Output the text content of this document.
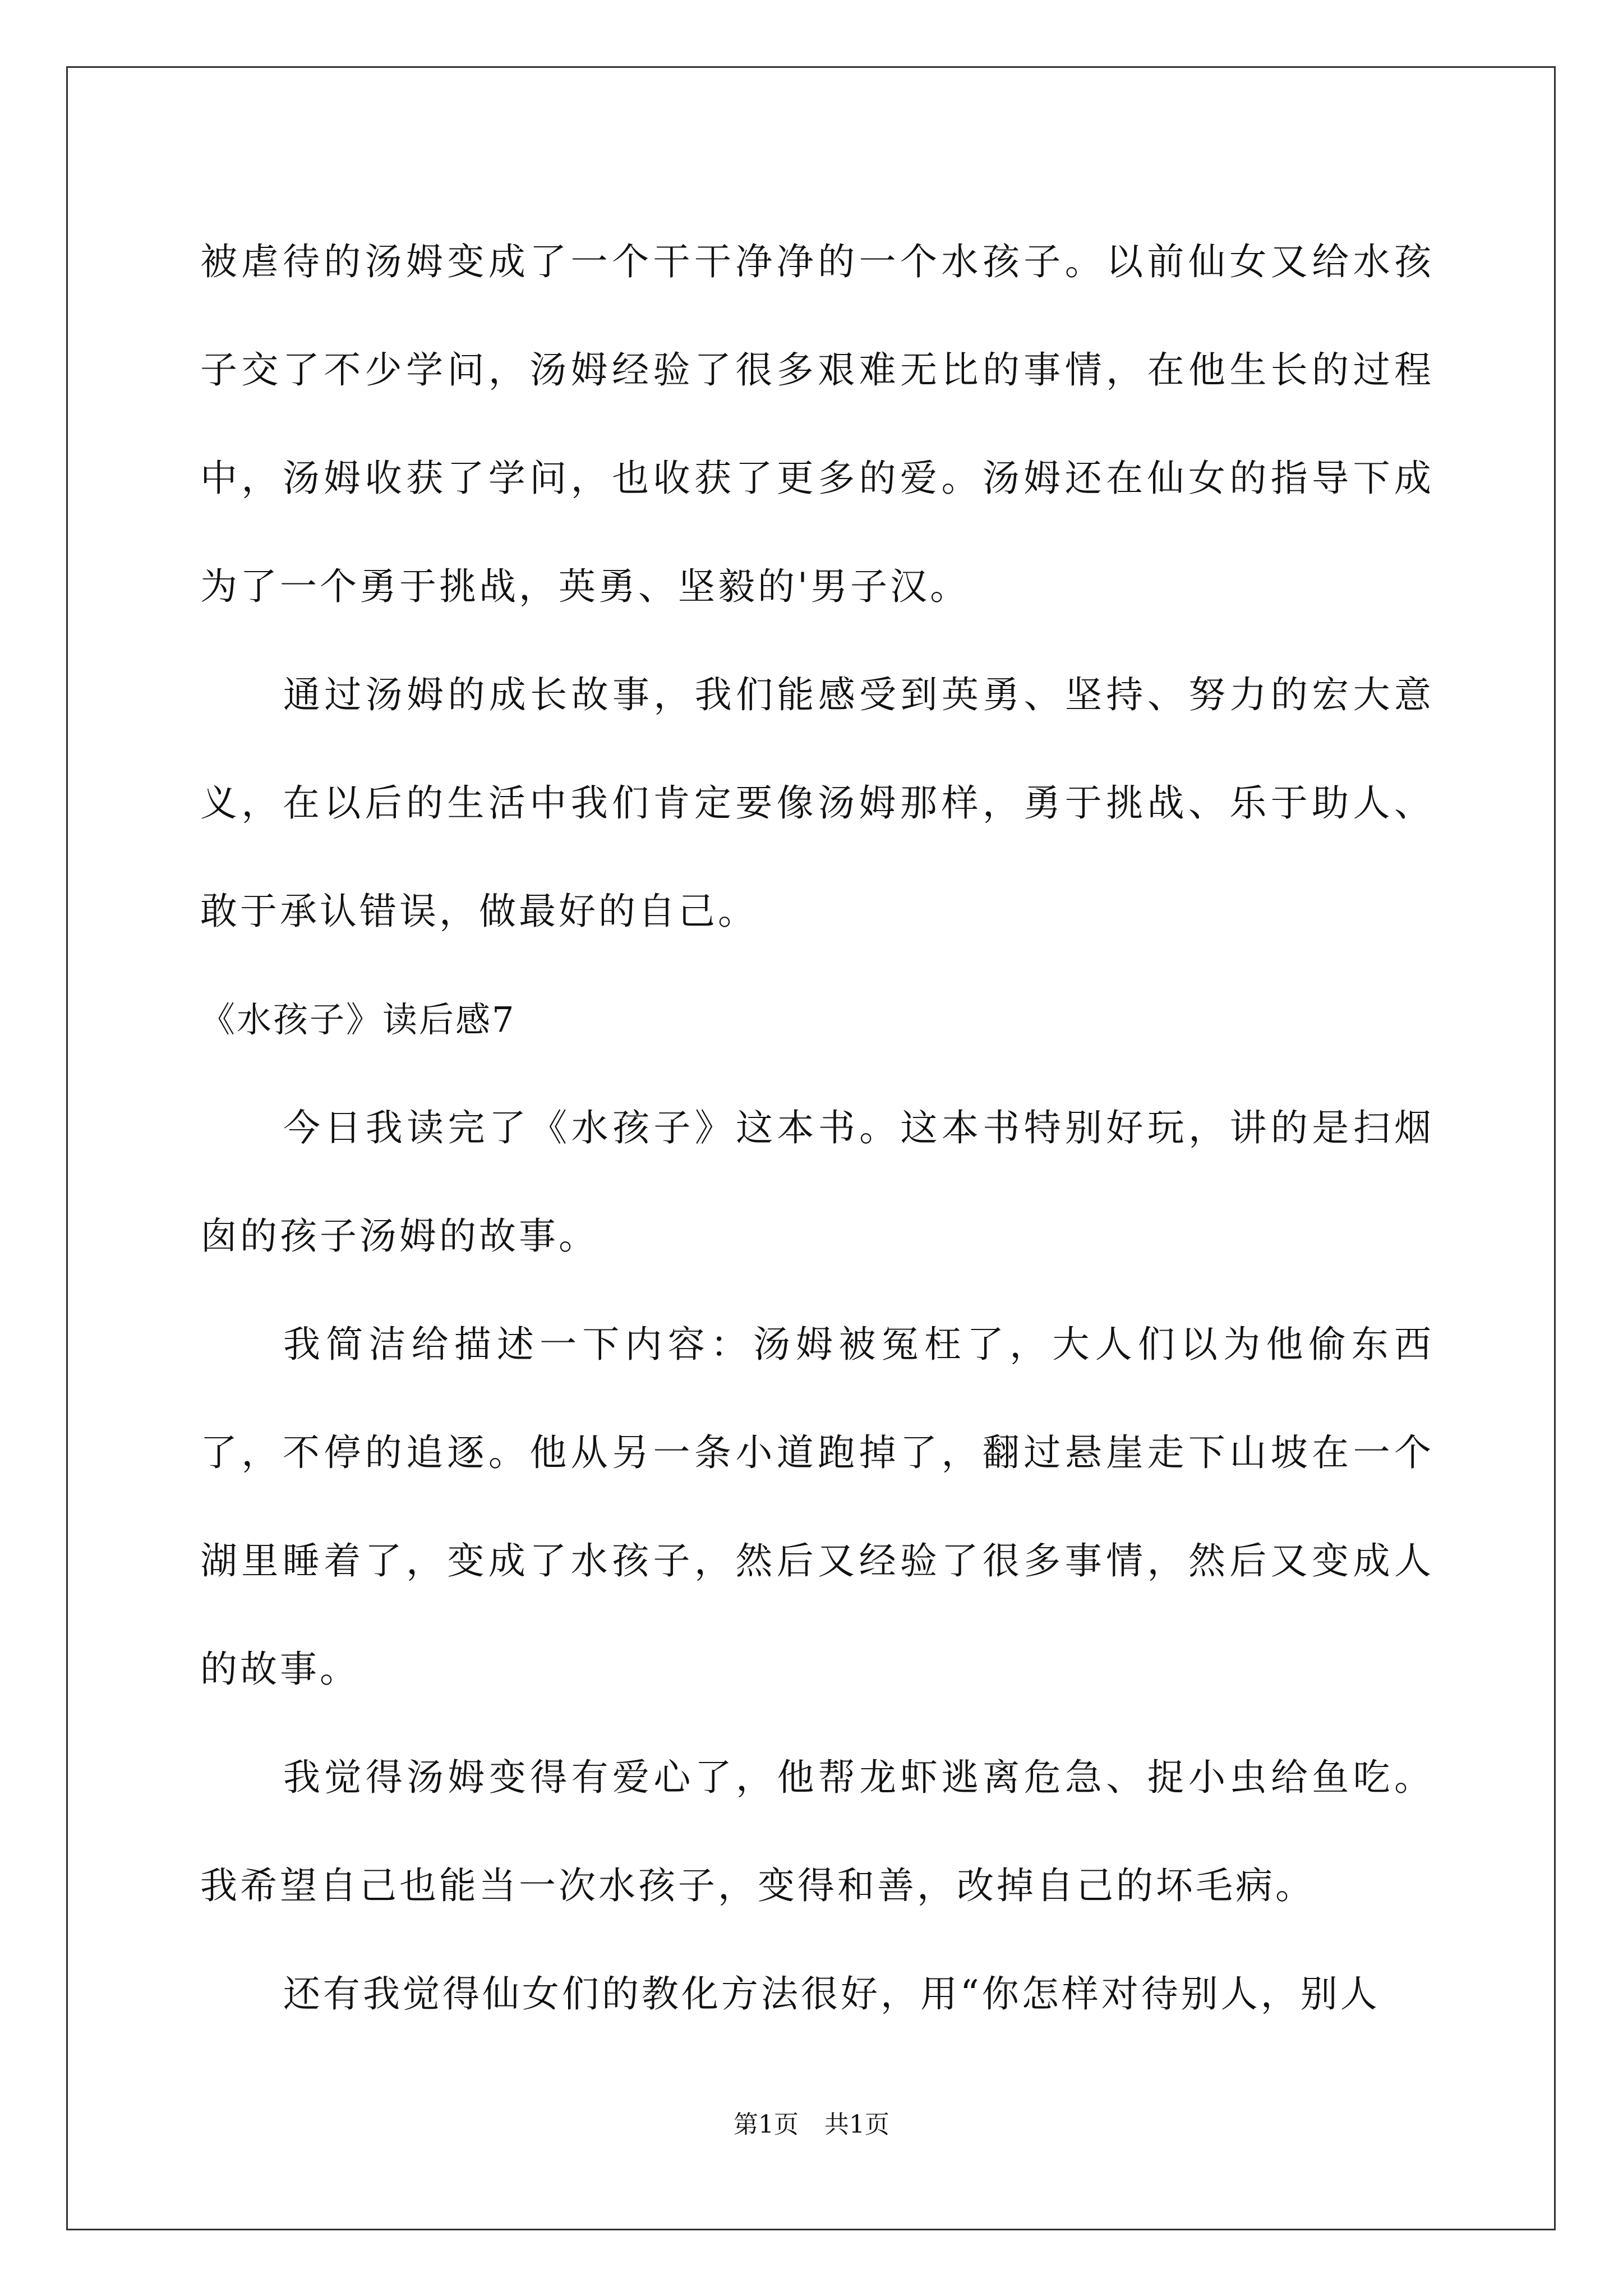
被虐待的汤姆变成了一个干干净净的一个水孩子。以前仙女又给水孩子交了不少学问，汤姆经验了很多艰难无比的事情，在他生长的过程中，汤姆收获了学问，也收获了更多的爱。汤姆还在仙女的指导下成为了一个勇于挑战，英勇、坚毅的'男子汉。

通过汤姆的成长故事，我们能感受到英勇、坚持、努力的宏大意义，在以后的生活中我们肯定要像汤姆那样，勇于挑战、乐于助人、敢于承认错误，做最好的自己。

《水孩子》读后感7

今日我读完了《水孩子》这本书。这本书特别好玩，讲的是扫烟囱的孩子汤姆的故事。

我简洁给描述一下内容：汤姆被冤枉了，大人们以为他偷东西了，不停的追逐。他从另一条小道跑掉了，翻过悬崖走下山坡在一个湖里睡着了，变成了水孩子，然后又经验了很多事情，然后又变成人的故事。

我觉得汤姆变得有爱心了，他帮龙虾逃离危急、捉小虫给鱼吃。我希望自己也能当一次水孩子，变得和善，改掉自己的坏毛病。

还有我觉得仙女们的教化方法很好，用“你怎样对待别人，别人

第1页 共1页
